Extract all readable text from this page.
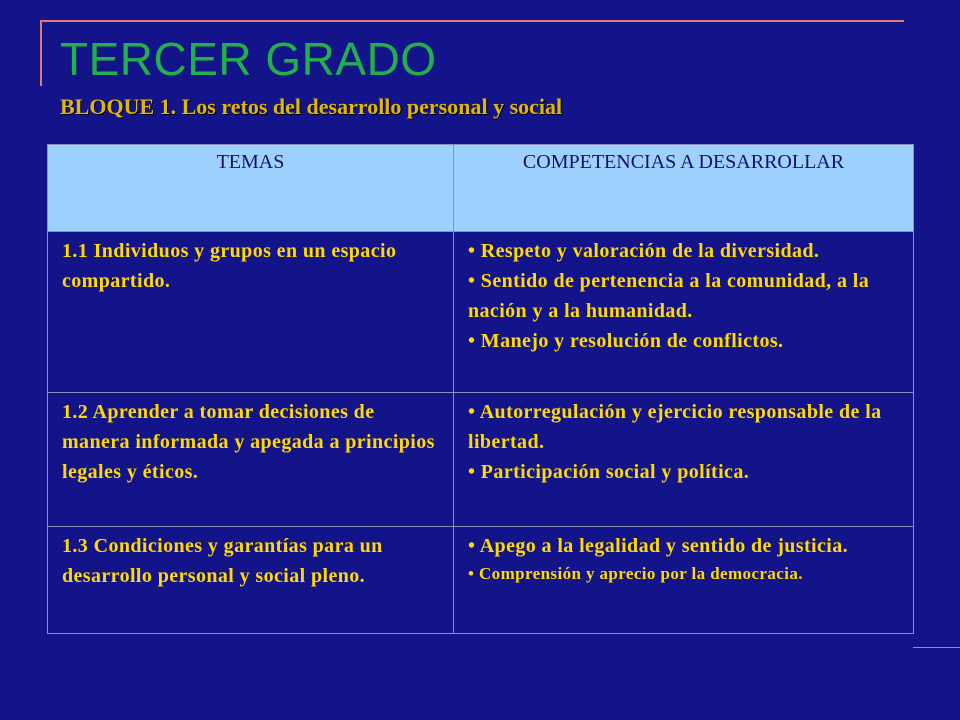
TERCER GRADO
BLOQUE 1. Los retos del desarrollo personal y social
TEMAS	COMPETENCIAS A DESARROLLAR
1.1 Individuos y grupos en un espacio compartido.	• Respeto y valoración de la diversidad.
• Sentido de pertenencia a la comunidad, a la nación y a la humanidad.
• Manejo y resolución de conflictos.

1.2 Aprender a tomar decisiones de manera informada y apegada a principios legales y éticos.	• Autorregulación y ejercicio responsable de la libertad.
• Participación social y política.

1.3 Condiciones y garantías para un desarrollo personal y social pleno.	• Apego a la legalidad y sentido de justicia.
• Comprensión y aprecio por la democracia.
